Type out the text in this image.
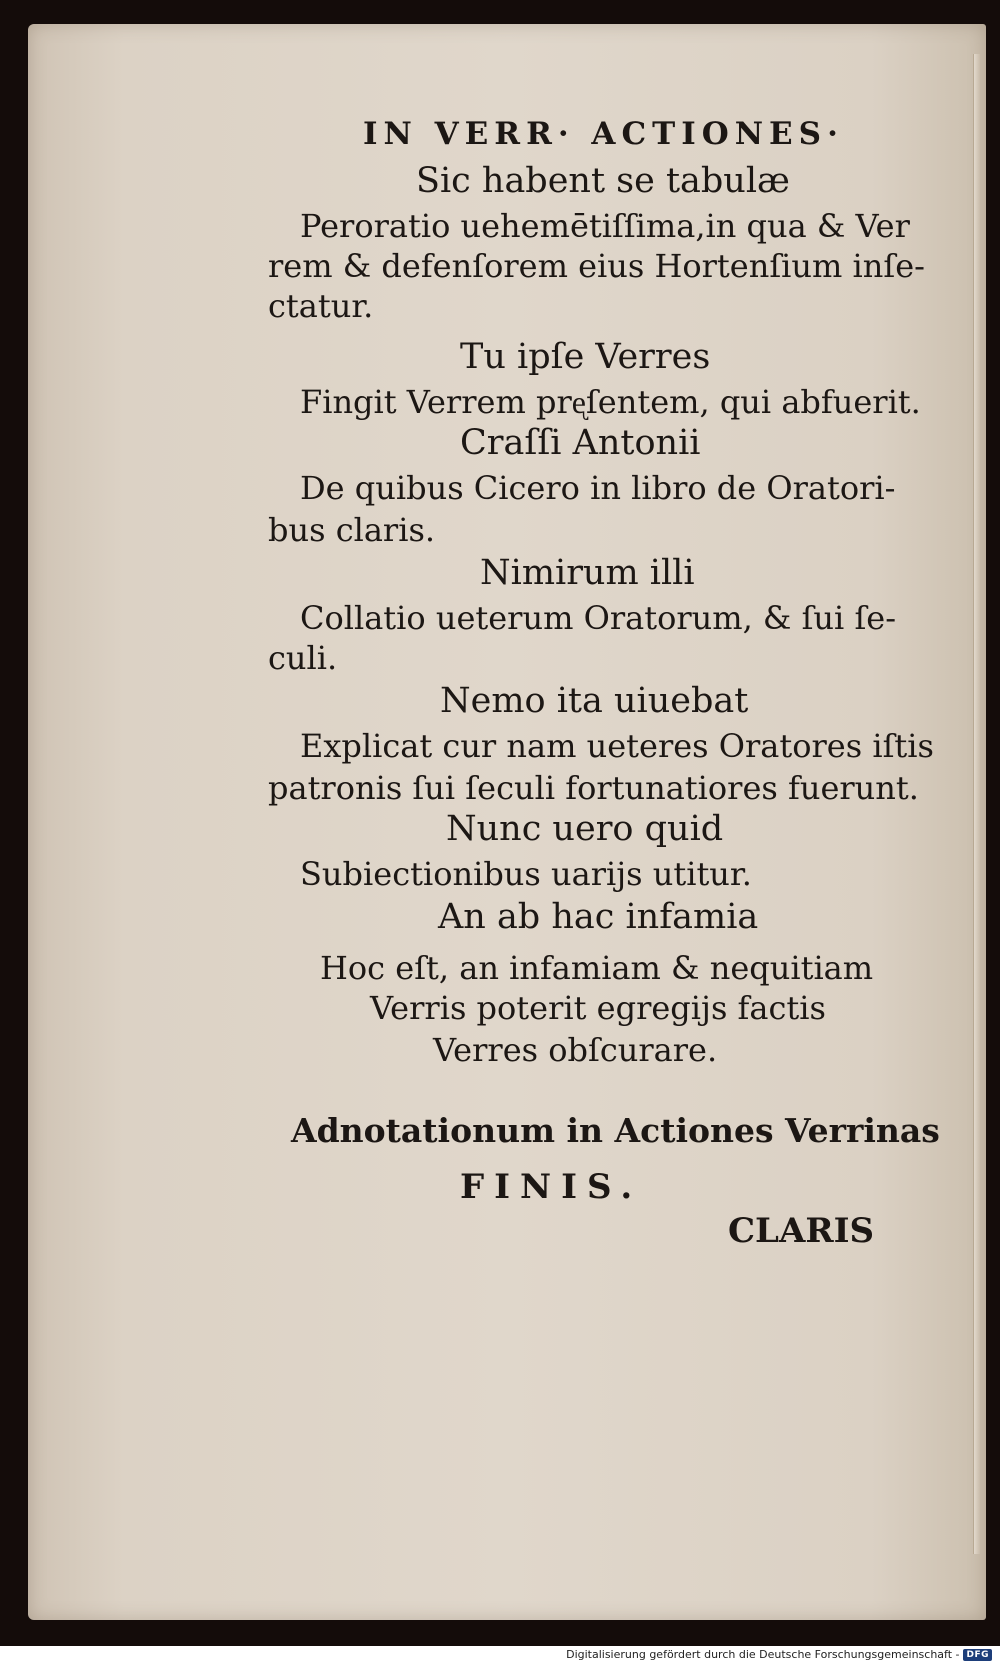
IN VERR· ACTIONES·
Sic habent se tabulæ
Peroratio uehemētiſſima,in qua & Ver
rem & defenſorem eius Hortenſium inſe-
ctatur.
Tu ipſe Verres
Fingit Verrem prᶒſentem, qui abfuerit.
Craſſi Antonii
De quibus Cicero in libro de Oratori-
bus claris.
Nimirum illi
Collatio ueterum Oratorum, & ſui ſe-
culi.
Nemo ita uiuebat
Explicat cur nam ueteres Oratores iſtis
patronis ſui ſeculi fortunatiores fuerunt.
Nunc uero quid
Subiectionibus uarijs utitur.
An ab hac infamia
Hoc eſt, an infamiam & nequitiam
Verris poterit egregijs factis
Verres obſcurare.
Adnotationum in Actiones Verrinas
FINIS.
CLARIS
Digitalisierung gefördert durch die Deutsche Forschungsgemeinschaft - DFG
